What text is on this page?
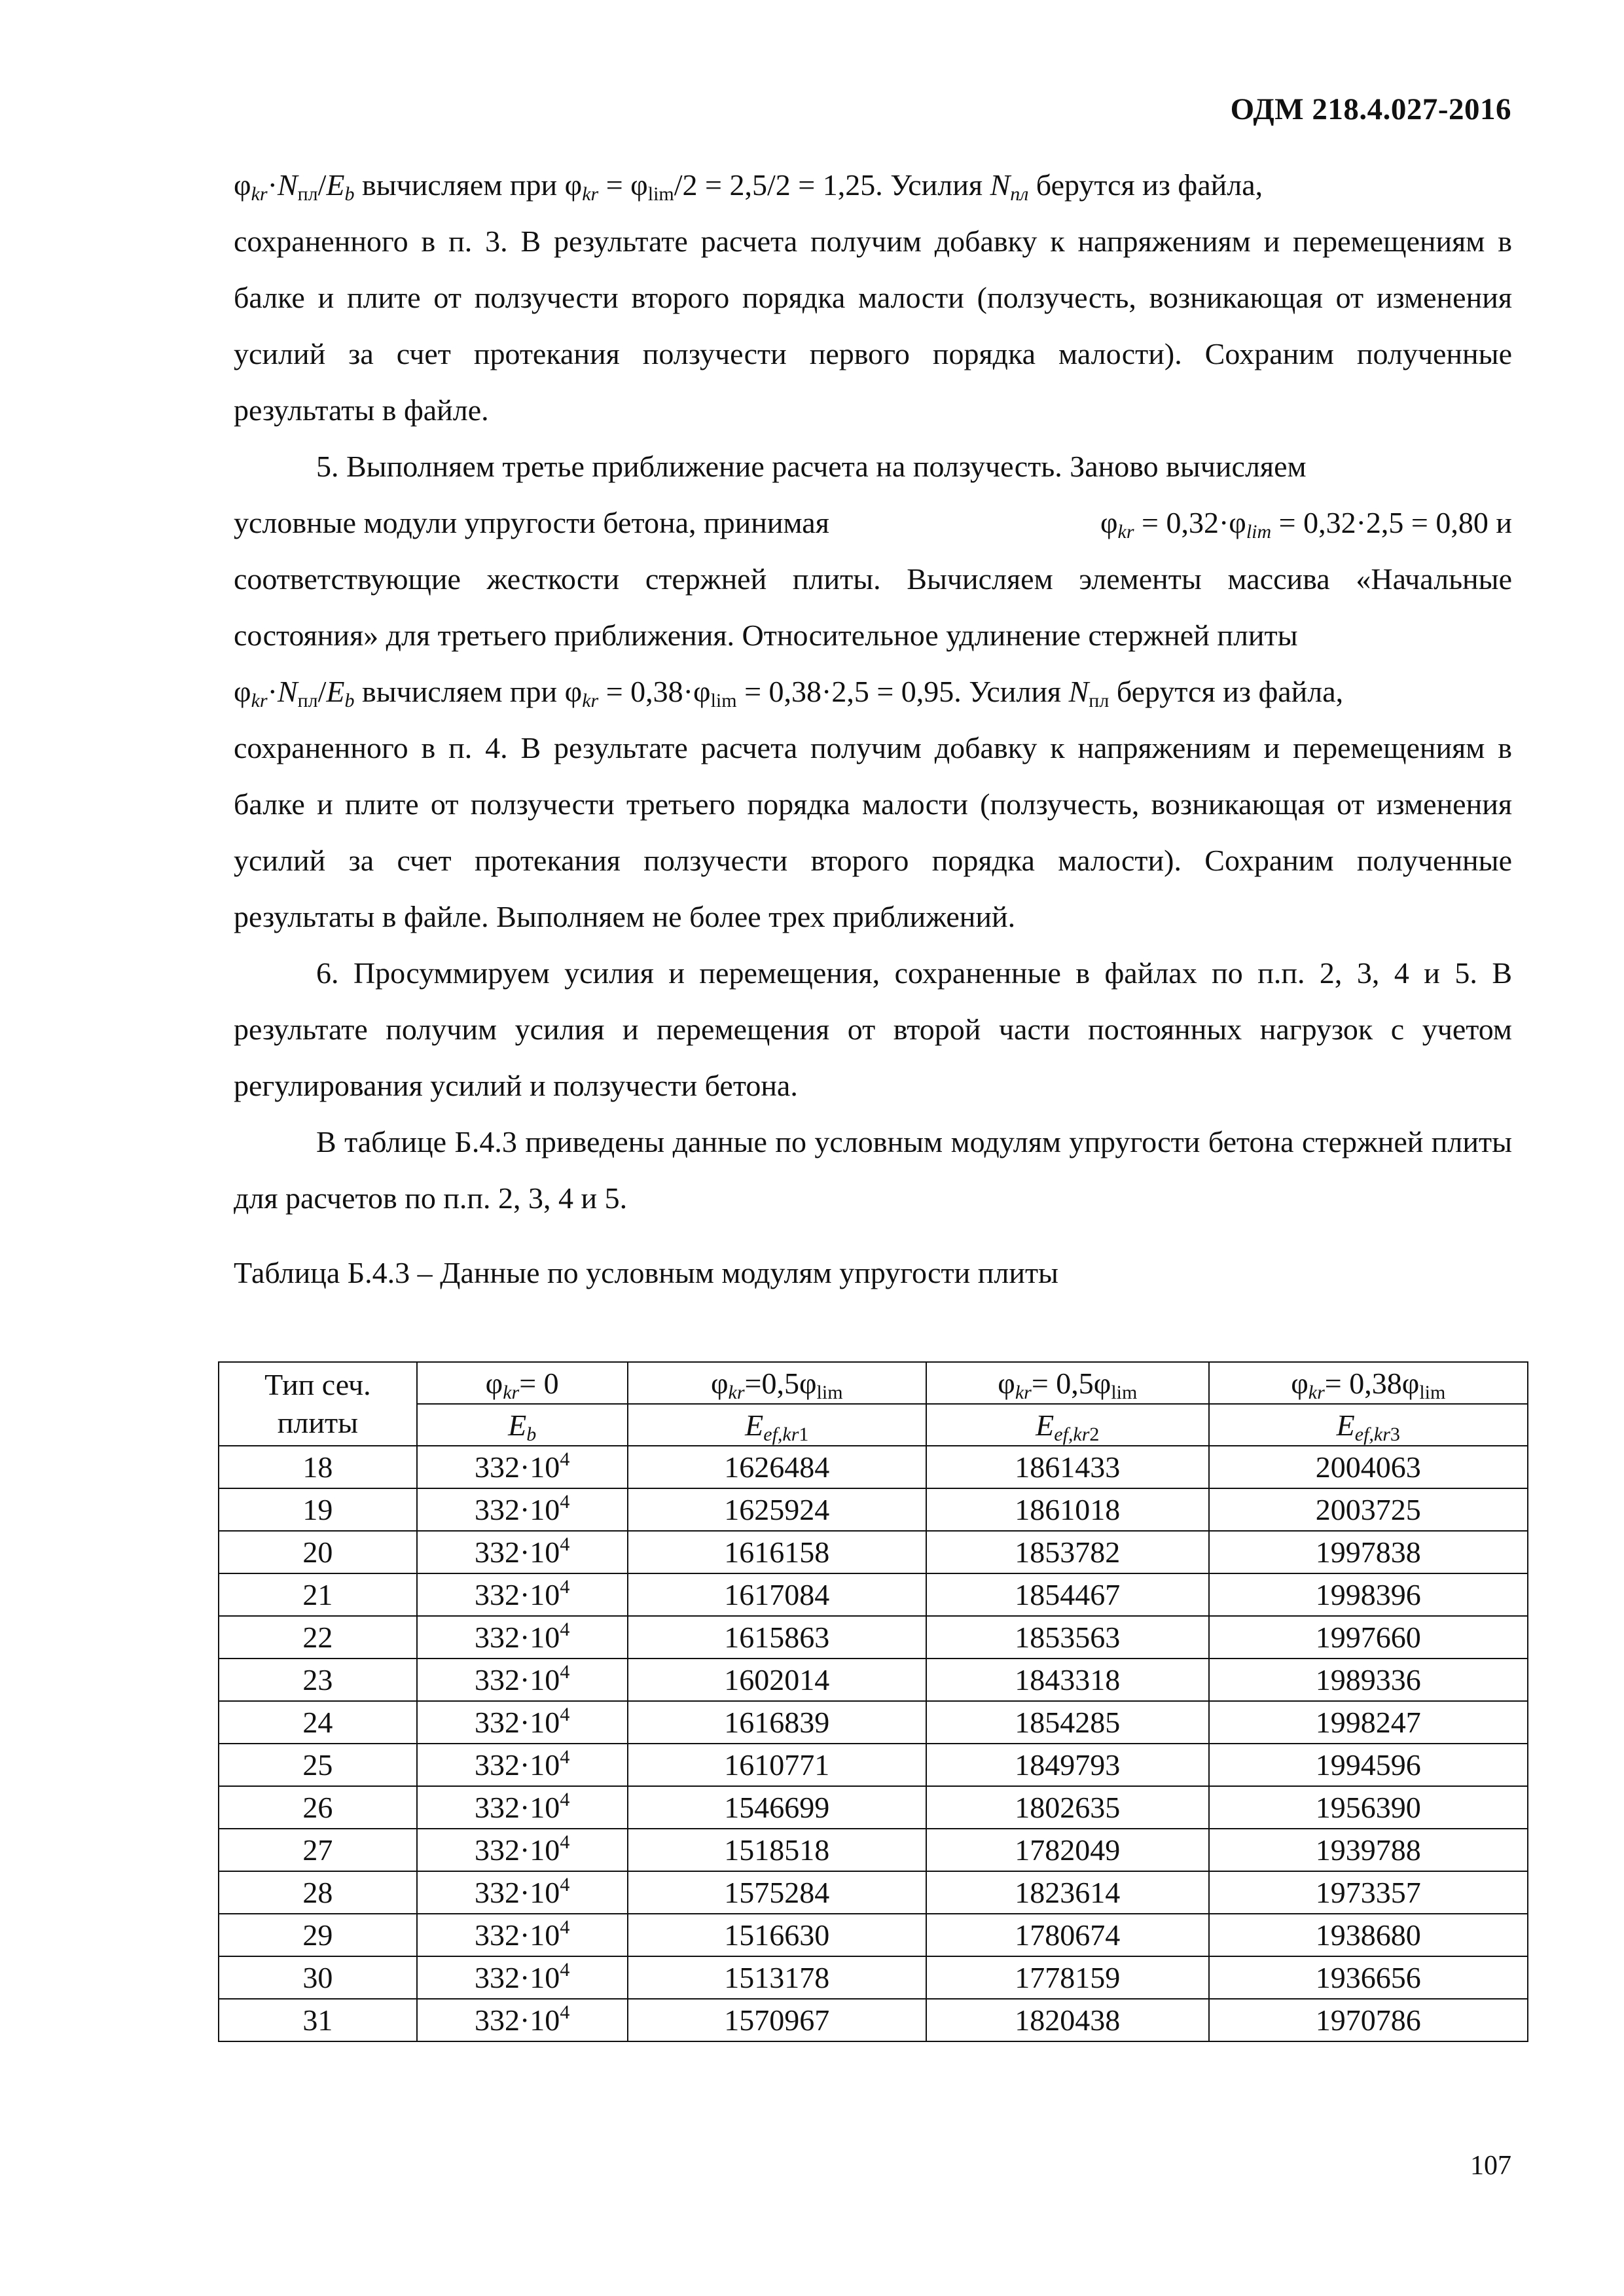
ОДМ 218.4.027-2016

$\varphi_{kr}\cdot N_{пл}/E_b$ вычисляем при $\varphi_{kr} = \varphi_{lim}/2 = 2,5/2 = 1,25$. Усилия $N_{пл}$ берутся из файла,

сохраненного в п. 3. В результате расчета получим добавку к напряжениям и перемещениям в балке и плите от ползучести второго порядка малости (ползучесть, возникающая от изменения усилий за счет протекания ползучести первого порядка малости). Сохраним полученные результаты в файле.

5. Выполняем третье приближение расчета на ползучесть. Заново вычисляем

условные модули упругости бетона, принимая	$\varphi_{kr} = 0,32\cdot\varphi_{lim} = 0,32\cdot 2,5 = 0,80$ и

соответствующие жесткости стержней плиты. Вычисляем элементы массива «Начальные состояния» для третьего приближения. Относительное удлинение стержней плиты

$\varphi_{kr}\cdot N_{пл}/E_b$ вычисляем при $\varphi_{kr} = 0,38\cdot\varphi_{lim} = 0,38\cdot 2,5 = 0,95$. Усилия $N_{пл}$ берутся из файла,

сохраненного в п. 4. В результате расчета получим добавку к напряжениям и перемещениям в балке и плите от ползучести третьего порядка малости (ползучесть, возникающая от изменения усилий за счет протекания ползучести второго порядка малости). Сохраним полученные результаты в файле. Выполняем не более трех приближений.

6. Просуммируем усилия и перемещения, сохраненные в файлах по п.п. 2, 3, 4 и 5. В результате получим усилия и перемещения от второй части постоянных нагрузок с учетом регулирования усилий и ползучести бетона.

В таблице Б.4.3 приведены данные по условным модулям упругости бетона стержней плиты для расчетов по п.п. 2, 3, 4 и 5.

Таблица Б.4.3 – Данные по условным модулям упругости плиты
Тип сеч. плиты	$\varphi_{kr}= 0$	$\varphi_{kr}=0,5\varphi_{lim}$	$\varphi_{kr}= 0,5\varphi_{lim}$	$\varphi_{kr}= 0,38\varphi_{lim}$
	$E_b$	$E_{ef,kr1}$	$E_{ef,kr2}$	$E_{ef,kr3}$
18	$332\cdot 10^4$	1626484	1861433	2004063
19	$332\cdot 10^4$	1625924	1861018	2003725
20	$332\cdot 10^4$	1616158	1853782	1997838
21	$332\cdot 10^4$	1617084	1854467	1998396
22	$332\cdot 10^4$	1615863	1853563	1997660
23	$332\cdot 10^4$	1602014	1843318	1989336
24	$332\cdot 10^4$	1616839	1854285	1998247
25	$332\cdot 10^4$	1610771	1849793	1994596
26	$332\cdot 10^4$	1546699	1802635	1956390
27	$332\cdot 10^4$	1518518	1782049	1939788
28	$332\cdot 10^4$	1575284	1823614	1973357
29	$332\cdot 10^4$	1516630	1780674	1938680
30	$332\cdot 10^4$	1513178	1778159	1936656
31	$332\cdot 10^4$	1570967	1820438	1970786
107
